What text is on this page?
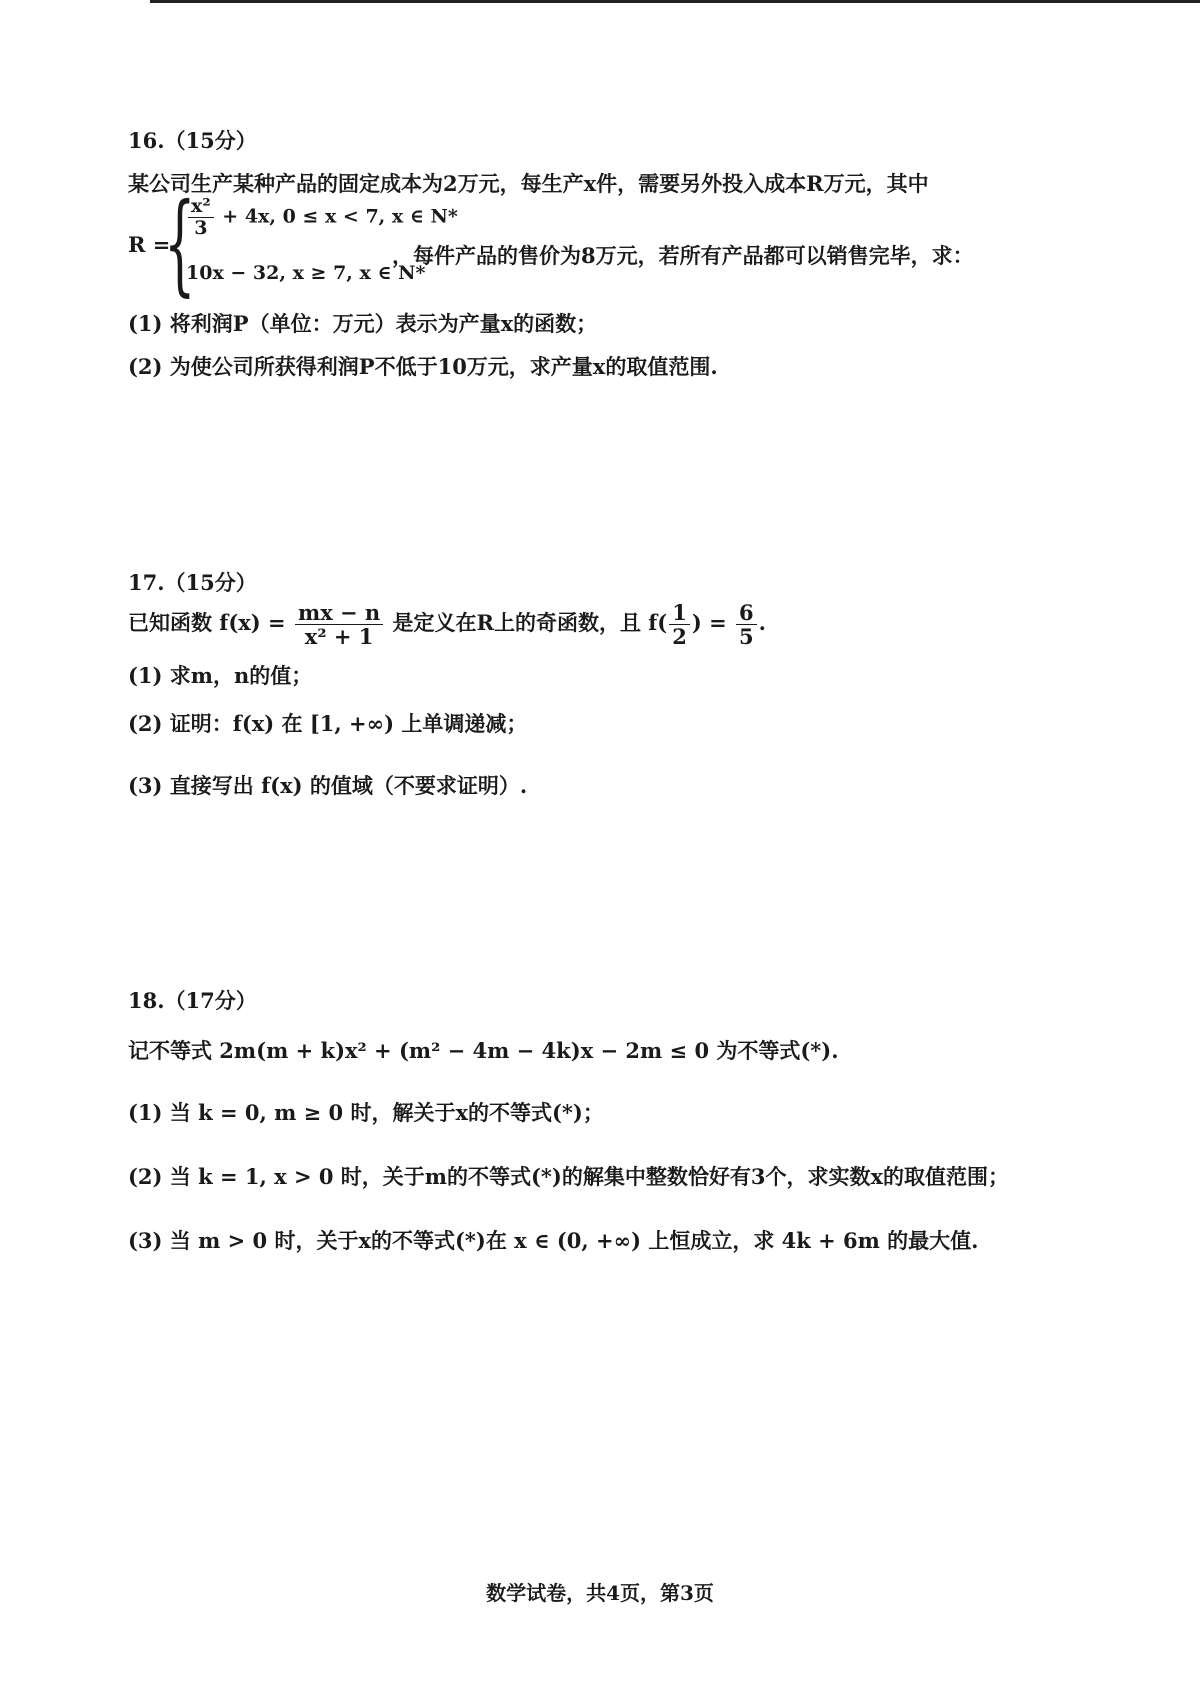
16.（15分）
某公司生产某种产品的固定成本为2万元，每生产x件，需要另外投入成本R万元，其中
R =
{
$\frac{\text{x²}}{3} + 4x$, 0 ≤ x < 7, x ∈ N*
10x − 32, x ≥ 7, x ∈ N*
，每件产品的售价为8万元，若所有产品都可以销售完毕，求：
(1) 将利润P（单位：万元）表示为产量x的函数；
(2) 为使公司所获得利润P不低于10万元，求产量x的取值范围.
17.（15分）
已知函数 $f(x) = \frac{mx - n}{\text{x² + 1}}$ 是定义在R上的奇函数，且 $f( \frac{1}{2}$ ) = $\frac{6}{5}$ .
(1) 求m，n的值；
(2) 证明：f(x) 在 [1, +∞) 上单调递减；
(3) 直接写出 f(x) 的值域（不要求证明）.
18.（17分）
记不等式 2m(m + k)x² + (m² − 4m − 4k)x − 2m ≤ 0 为不等式(*).
(1) 当 k = 0, m ≥ 0 时，解关于x的不等式(*)；
(2) 当 k = 1, x > 0 时，关于m的不等式(*)的解集中整数恰好有3个，求实数x的取值范围；
(3) 当 m > 0 时，关于x的不等式(*)在 x ∈ (0, +∞) 上恒成立，求 4k + 6m 的最大值.
数学试卷，共4页，第3页
